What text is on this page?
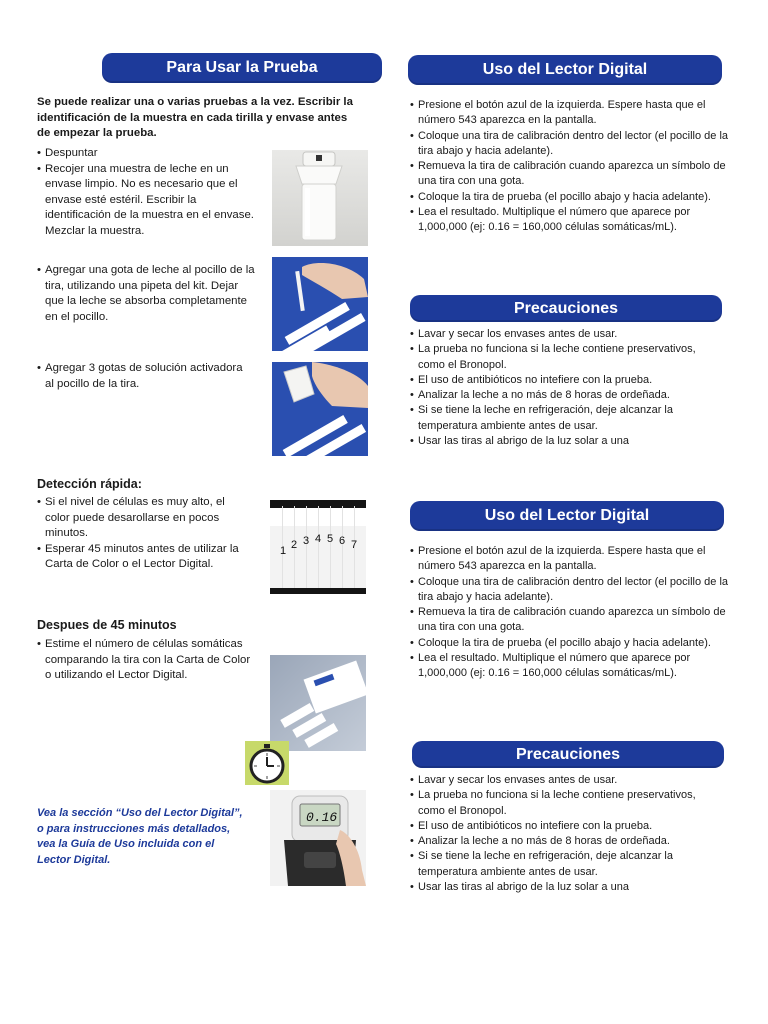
Para Usar la Prueba
Se puede realizar una o varias pruebas a la vez. Escribir la identificación de la muestra en cada tirilla y envase antes de empezar la prueba.
• Despuntar
• Recojer una muestra de leche en un envase limpio. No es necesario que el envase esté estéril. Escribir la identificación de la muestra en el envase. Mezclar la muestra.
• Agregar una gota de leche al pocillo de la tira, utilizando una pipeta del kit. Dejar que la leche se absorba completamente en el pocillo.
• Agregar 3 gotas de solución activadora al pocillo de la tira.
Detección rápida:
• Si el nivel de células es muy alto, el color puede desarollarse en pocos minutos.
• Esperar 45 minutos antes de utilizar la Carta de Color o el Lector Digital.
Despues de 45 minutos
• Estime el número de células somáticas comparando la tira con la Carta de Color o utilizando el Lector Digital.
Vea la sección “Uso del Lector Digital”, o para instrucciones más detallados, vea la Guía de Uso incluida con el Lector Digital.
1 2 3 4 5 6 7
0.16
Uso del Lector Digital
• Presione el botón azul de la izquierda. Espere hasta que el número 543 aparezca en la pantalla.
• Coloque una tira de calibración dentro del lector (el pocillo de la tira abajo y hacia adelante).
• Remueva la tira de calibración cuando aparezca un símbolo de una tira con una gota.
• Coloque la tira de prueba (el pocillo abajo y hacia adelante).
• Lea el resultado. Multiplique el número que aparece por 1,000,000 (ej: 0.16 = 160,000 células somáticas/mL).
Precauciones
• Lavar y secar los envases antes de usar.
• La prueba no funciona si la leche contiene preservativos, como el Bronopol.
• El uso de antibióticos no intefiere con la prueba.
• Analizar la leche a no más de 8 horas de ordeñada.
• Si se tiene la leche en refrigeración, deje alcanzar la temperatura ambiente antes de usar.
• Usar las tiras al abrigo de la luz solar a una
Uso del Lector Digital
• Presione el botón azul de la izquierda. Espere hasta que el número 543 aparezca en la pantalla.
• Coloque una tira de calibración dentro del lector (el pocillo de la tira abajo y hacia adelante).
• Remueva la tira de calibración cuando aparezca un símbolo de una tira con una gota.
• Coloque la tira de prueba (el pocillo abajo y hacia adelante).
• Lea el resultado. Multiplique el número que aparece por 1,000,000 (ej: 0.16 = 160,000 células somáticas/mL).
Precauciones
• Lavar y secar los envases antes de usar.
• La prueba no funciona si la leche contiene preservativos, como el Bronopol.
• El uso de antibióticos no intefiere con la prueba.
• Analizar la leche a no más de 8 horas de ordeñada.
• Si se tiene la leche en refrigeración, deje alcanzar la temperatura ambiente antes de usar.
• Usar las tiras al abrigo de la luz solar a una
